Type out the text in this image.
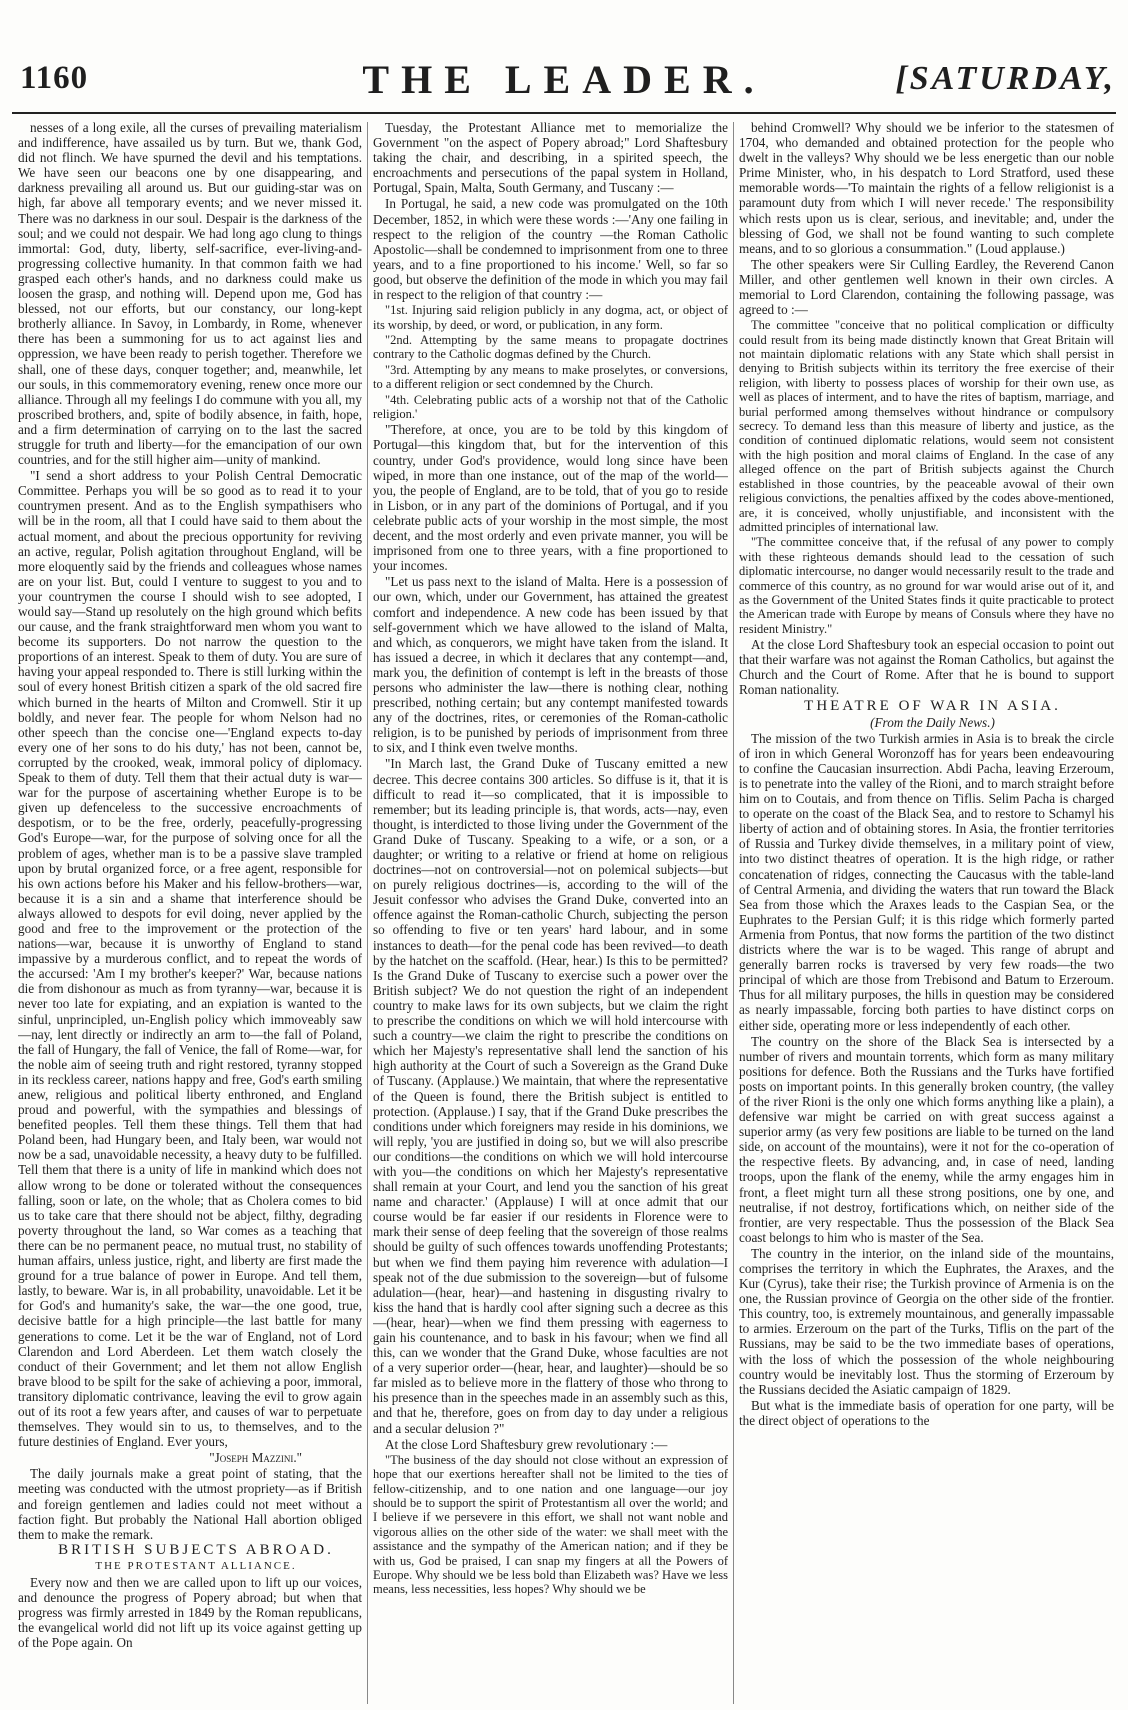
1160	THE LEADER.	[SATURDAY,

nesses of a long exile, all the curses of prevailing materialism and indifference, have assailed us by turn. But we, thank God, did not flinch. We have spurned the devil and his temptations. We have seen our beacons one by one disappearing, and darkness prevailing all around us. But our guiding-star was on high, far above all temporary events; and we never missed it. There was no darkness in our soul. Despair is the darkness of the soul; and we could not despair. We had long ago clung to things immortal: God, duty, liberty, self-sacrifice, ever-living-and-progressing collective humanity. In that common faith we had grasped each other's hands, and no darkness could make us loosen the grasp, and nothing will. Depend upon me, God has blessed, not our efforts, but our constancy, our long-kept brotherly alliance. In Savoy, in Lombardy, in Rome, whenever there has been a summoning for us to act against lies and oppression, we have been ready to perish together. Therefore we shall, one of these days, conquer together; and, meanwhile, let our souls, in this commemoratory evening, renew once more our alliance. Through all my feelings I do commune with you all, my proscribed brothers, and, spite of bodily absence, in faith, hope, and a firm determination of carrying on to the last the sacred struggle for truth and liberty—for the emancipation of our own countries, and for the still higher aim—unity of mankind.

"I send a short address to your Polish Central Democratic Committee. Perhaps you will be so good as to read it to your countrymen present. And as to the English sympathisers who will be in the room, all that I could have said to them about the actual moment, and about the precious opportunity for reviving an active, regular, Polish agitation throughout England, will be more eloquently said by the friends and colleagues whose names are on your list. But, could I venture to suggest to you and to your countrymen the course I should wish to see adopted, I would say—Stand up resolutely on the high ground which befits our cause, and the frank straightforward men whom you want to become its supporters. Do not narrow the question to the proportions of an interest. Speak to them of duty. You are sure of having your appeal responded to. There is still lurking within the soul of every honest British citizen a spark of the old sacred fire which burned in the hearts of Milton and Cromwell. Stir it up boldly, and never fear. The people for whom Nelson had no other speech than the concise one—'England expects to-day every one of her sons to do his duty,' has not been, cannot be, corrupted by the crooked, weak, immoral policy of diplomacy. Speak to them of duty. Tell them that their actual duty is war—war for the purpose of ascertaining whether Europe is to be given up defenceless to the successive encroachments of despotism, or to be the free, orderly, peacefully-progressing God's Europe—war, for the purpose of solving once for all the problem of ages, whether man is to be a passive slave trampled upon by brutal organized force, or a free agent, responsible for his own actions before his Maker and his fellow-brothers—war, because it is a sin and a shame that interference should be always allowed to despots for evil doing, never applied by the good and free to the improvement or the protection of the nations—war, because it is unworthy of England to stand impassive by a murderous conflict, and to repeat the words of the accursed: 'Am I my brother's keeper?' War, because nations die from dishonour as much as from tyranny—war, because it is never too late for expiating, and an expiation is wanted to the sinful, unprincipled, un-English policy which immoveably saw—nay, lent directly or indirectly an arm to—the fall of Poland, the fall of Hungary, the fall of Venice, the fall of Rome—war, for the noble aim of seeing truth and right restored, tyranny stopped in its reckless career, nations happy and free, God's earth smiling anew, religious and political liberty enthroned, and England proud and powerful, with the sympathies and blessings of benefited peoples. Tell them these things. Tell them that had Poland been, had Hungary been, and Italy been, war would not now be a sad, unavoidable necessity, a heavy duty to be fulfilled. Tell them that there is a unity of life in mankind which does not allow wrong to be done or tolerated without the consequences falling, soon or late, on the whole; that as Cholera comes to bid us to take care that there should not be abject, filthy, degrading poverty throughout the land, so War comes as a teaching that there can be no permanent peace, no mutual trust, no stability of human affairs, unless justice, right, and liberty are first made the ground for a true balance of power in Europe. And tell them, lastly, to beware. War is, in all probability, unavoidable. Let it be for God's and humanity's sake, the war—the one good, true, decisive battle for a high principle—the last battle for many generations to come. Let it be the war of England, not of Lord Clarendon and Lord Aberdeen. Let them watch closely the conduct of their Government; and let them not allow English brave blood to be spilt for the sake of achieving a poor, immoral, transitory diplomatic contrivance, leaving the evil to grow again out of its root a few years after, and causes of war to perpetuate themselves. They would sin to us, to themselves, and to the future destinies of England. Ever yours,

"Joseph Mazzini."

The daily journals make a great point of stating, that the meeting was conducted with the utmost propriety—as if British and foreign gentlemen and ladies could not meet without a faction fight. But probably the National Hall abortion obliged them to make the remark.

BRITISH SUBJECTS ABROAD.

THE PROTESTANT ALLIANCE.

Every now and then we are called upon to lift up our voices, and denounce the progress of Popery abroad; but when that progress was firmly arrested in 1849 by the Roman republicans, the evangelical world did not lift up its voice against getting up of the Pope again. On

Tuesday, the Protestant Alliance met to memorialize the Government "on the aspect of Popery abroad;" Lord Shaftesbury taking the chair, and describing, in a spirited speech, the encroachments and persecutions of the papal system in Holland, Portugal, Spain, Malta, South Germany, and Tuscany :—

In Portugal, he said, a new code was promulgated on the 10th December, 1852, in which were these words :—'Any one failing in respect to the religion of the country —the Roman Catholic Apostolic—shall be condemned to imprisonment from one to three years, and to a fine proportioned to his income.' Well, so far so good, but observe the definition of the mode in which you may fail in respect to the religion of that country :—

"1st. Injuring said religion publicly in any dogma, act, or object of its worship, by deed, or word, or publication, in any form.

"2nd. Attempting by the same means to propagate doctrines contrary to the Catholic dogmas defined by the Church.

"3rd. Attempting by any means to make proselytes, or conversions, to a different religion or sect condemned by the Church.

"4th. Celebrating public acts of a worship not that of the Catholic religion.'

"Therefore, at once, you are to be told by this kingdom of Portugal—this kingdom that, but for the intervention of this country, under God's providence, would long since have been wiped, in more than one instance, out of the map of the world—you, the people of England, are to be told, that of you go to reside in Lisbon, or in any part of the dominions of Portugal, and if you celebrate public acts of your worship in the most simple, the most decent, and the most orderly and even private manner, you will be imprisoned from one to three years, with a fine proportioned to your incomes.

"Let us pass next to the island of Malta. Here is a possession of our own, which, under our Government, has attained the greatest comfort and independence. A new code has been issued by that self-government which we have allowed to the island of Malta, and which, as conquerors, we might have taken from the island. It has issued a decree, in which it declares that any contempt—and, mark you, the definition of contempt is left in the breasts of those persons who administer the law—there is nothing clear, nothing prescribed, nothing certain; but any contempt manifested towards any of the doctrines, rites, or ceremonies of the Roman-catholic religion, is to be punished by periods of imprisonment from three to six, and I think even twelve months.

"In March last, the Grand Duke of Tuscany emitted a new decree. This decree contains 300 articles. So diffuse is it, that it is difficult to read it—so complicated, that it is impossible to remember; but its leading principle is, that words, acts—nay, even thought, is interdicted to those living under the Government of the Grand Duke of Tuscany. Speaking to a wife, or a son, or a daughter; or writing to a relative or friend at home on religious doctrines—not on controversial—not on polemical subjects—but on purely religious doctrines—is, according to the will of the Jesuit confessor who advises the Grand Duke, converted into an offence against the Roman-catholic Church, subjecting the person so offending to five or ten years' hard labour, and in some instances to death—for the penal code has been revived—to death by the hatchet on the scaffold. (Hear, hear.) Is this to be permitted? Is the Grand Duke of Tuscany to exercise such a power over the British subject? We do not question the right of an independent country to make laws for its own subjects, but we claim the right to prescribe the conditions on which we will hold intercourse with such a country—we claim the right to prescribe the conditions on which her Majesty's representative shall lend the sanction of his high authority at the Court of such a Sovereign as the Grand Duke of Tuscany. (Applause.) We maintain, that where the representative of the Queen is found, there the British subject is entitled to protection. (Applause.) I say, that if the Grand Duke prescribes the conditions under which foreigners may reside in his dominions, we will reply, 'you are justified in doing so, but we will also prescribe our conditions—the conditions on which we will hold intercourse with you—the conditions on which her Majesty's representative shall remain at your Court, and lend you the sanction of his great name and character.' (Applause) I will at once admit that our course would be far easier if our residents in Florence were to mark their sense of deep feeling that the sovereign of those realms should be guilty of such offences towards unoffending Protestants; but when we find them paying him reverence with adulation—I speak not of the due submission to the sovereign—but of fulsome adulation—(hear, hear)—and hastening in disgusting rivalry to kiss the hand that is hardly cool after signing such a decree as this—(hear, hear)—when we find them pressing with eagerness to gain his countenance, and to bask in his favour; when we find all this, can we wonder that the Grand Duke, whose faculties are not of a very superior order—(hear, hear, and laughter)—should be so far misled as to believe more in the flattery of those who throng to his presence than in the speeches made in an assembly such as this, and that he, therefore, goes on from day to day under a religious and a secular delusion ?"

At the close Lord Shaftesbury grew revolutionary :—

"The business of the day should not close without an expression of hope that our exertions hereafter shall not be limited to the ties of fellow-citizenship, and to one nation and one language—our joy should be to support the spirit of Protestantism all over the world; and I believe if we persevere in this effort, we shall not want noble and vigorous allies on the other side of the water: we shall meet with the assistance and the sympathy of the American nation; and if they be with us, God be praised, I can snap my fingers at all the Powers of Europe. Why should we be less bold than Elizabeth was? Have we less means, less necessities, less hopes? Why should we be

behind Cromwell? Why should we be inferior to the statesmen of 1704, who demanded and obtained protection for the people who dwelt in the valleys? Why should we be less energetic than our noble Prime Minister, who, in his despatch to Lord Stratford, used these memorable words—'To maintain the rights of a fellow religionist is a paramount duty from which I will never recede.' The responsibility which rests upon us is clear, serious, and inevitable; and, under the blessing of God, we shall not be found wanting to such complete means, and to so glorious a consummation." (Loud applause.)

The other speakers were Sir Culling Eardley, the Reverend Canon Miller, and other gentlemen well known in their own circles. A memorial to Lord Clarendon, containing the following passage, was agreed to :—

The committee "conceive that no political complication or difficulty could result from its being made distinctly known that Great Britain will not maintain diplomatic relations with any State which shall persist in denying to British subjects within its territory the free exercise of their religion, with liberty to possess places of worship for their own use, as well as places of interment, and to have the rites of baptism, marriage, and burial performed among themselves without hindrance or compulsory secrecy. To demand less than this measure of liberty and justice, as the condition of continued diplomatic relations, would seem not consistent with the high position and moral claims of England. In the case of any alleged offence on the part of British subjects against the Church established in those countries, by the peaceable avowal of their own religious convictions, the penalties affixed by the codes above-mentioned, are, it is conceived, wholly unjustifiable, and inconsistent with the admitted principles of international law.

"The committee conceive that, if the refusal of any power to comply with these righteous demands should lead to the cessation of such diplomatic intercourse, no danger would necessarily result to the trade and commerce of this country, as no ground for war would arise out of it, and as the Government of the United States finds it quite practicable to protect the American trade with Europe by means of Consuls where they have no resident Ministry."

At the close Lord Shaftesbury took an especial occasion to point out that their warfare was not against the Roman Catholics, but against the Church and the Court of Rome. After that he is bound to support Roman nationality.

THEATRE OF WAR IN ASIA.

(From the Daily News.)

The mission of the two Turkish armies in Asia is to break the circle of iron in which General Woronzoff has for years been endeavouring to confine the Caucasian insurrection. Abdi Pacha, leaving Erzeroum, is to penetrate into the valley of the Rioni, and to march straight before him on to Coutais, and from thence on Tiflis. Selim Pacha is charged to operate on the coast of the Black Sea, and to restore to Schamyl his liberty of action and of obtaining stores. In Asia, the frontier territories of Russia and Turkey divide themselves, in a military point of view, into two distinct theatres of operation. It is the high ridge, or rather concatenation of ridges, connecting the Caucasus with the table-land of Central Armenia, and dividing the waters that run toward the Black Sea from those which the Araxes leads to the Caspian Sea, or the Euphrates to the Persian Gulf; it is this ridge which formerly parted Armenia from Pontus, that now forms the partition of the two distinct districts where the war is to be waged. This range of abrupt and generally barren rocks is traversed by very few roads—the two principal of which are those from Trebisond and Batum to Erzeroum. Thus for all military purposes, the hills in question may be considered as nearly impassable, forcing both parties to have distinct corps on either side, operating more or less independently of each other.

The country on the shore of the Black Sea is intersected by a number of rivers and mountain torrents, which form as many military positions for defence. Both the Russians and the Turks have fortified posts on important points. In this generally broken country, (the valley of the river Rioni is the only one which forms anything like a plain), a defensive war might be carried on with great success against a superior army (as very few positions are liable to be turned on the land side, on account of the mountains), were it not for the co-operation of the respective fleets. By advancing, and, in case of need, landing troops, upon the flank of the enemy, while the army engages him in front, a fleet might turn all these strong positions, one by one, and neutralise, if not destroy, fortifications which, on neither side of the frontier, are very respectable. Thus the possession of the Black Sea coast belongs to him who is master of the Sea.

The country in the interior, on the inland side of the mountains, comprises the territory in which the Euphrates, the Araxes, and the Kur (Cyrus), take their rise; the Turkish province of Armenia is on the one, the Russian province of Georgia on the other side of the frontier. This country, too, is extremely mountainous, and generally impassable to armies. Erzeroum on the part of the Turks, Tiflis on the part of the Russians, may be said to be the two immediate bases of operations, with the loss of which the possession of the whole neighbouring country would be inevitably lost. Thus the storming of Erzeroum by the Russians decided the Asiatic campaign of 1829.

But what is the immediate basis of operation for one party, will be the direct object of operations to the
